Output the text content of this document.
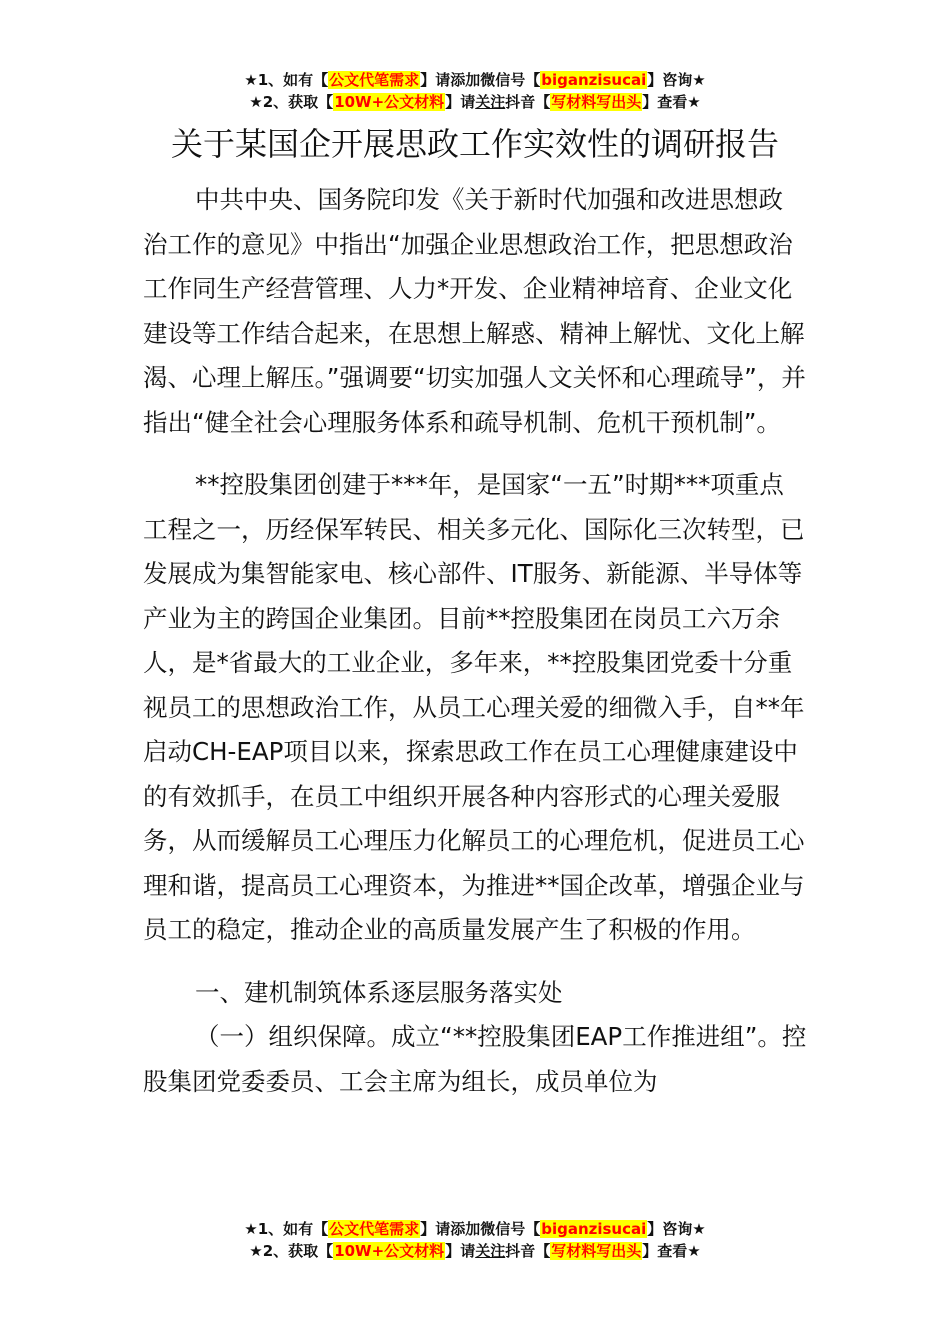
★1、如有【公文代笔需求】请添加微信号【biganzisucai】咨询★
★2、获取【10W+公文材料】请关注抖音【写材料写出头】查看★
关于某国企开展思政工作实效性的调研报告

中共中央、国务院印发《关于新时代加强和改进思想政治工作的意见》中指出“加强企业思想政治工作，把思想政治工作同生产经营管理、人力*开发、企业精神培育、企业文化建设等工作结合起来，在思想上解惑、精神上解忧、文化上解渴、心理上解压。”强调要“切实加强人文关怀和心理疏导”，并指出“健全社会心理服务体系和疏导机制、危机干预机制”。

**控股集团创建于***年，是国家“一五”时期***项重点工程之一，历经保军转民、相关多元化、国际化三次转型，已发展成为集智能家电、核心部件、IT服务、新能源、半导体等产业为主的跨国企业集团。目前**控股集团在岗员工六万余人，是*省最大的工业企业，多年来，**控股集团党委十分重视员工的思想政治工作，从员工心理关爱的细微入手，自**年启动CH-EAP项目以来，探索思政工作在员工心理健康建设中的有效抓手，在员工中组织开展各种内容形式的心理关爱服务，从而缓解员工心理压力化解员工的心理危机，促进员工心理和谐，提高员工心理资本，为推进**国企改革，增强企业与员工的稳定，推动企业的高质量发展产生了积极的作用。

一、建机制筑体系逐层服务落实处

（一）组织保障。成立“**控股集团EAP工作推进组”。控股集团党委委员、工会主席为组长，成员单位为

★1、如有【公文代笔需求】请添加微信号【biganzisucai】咨询★
★2、获取【10W+公文材料】请关注抖音【写材料写出头】查看★
